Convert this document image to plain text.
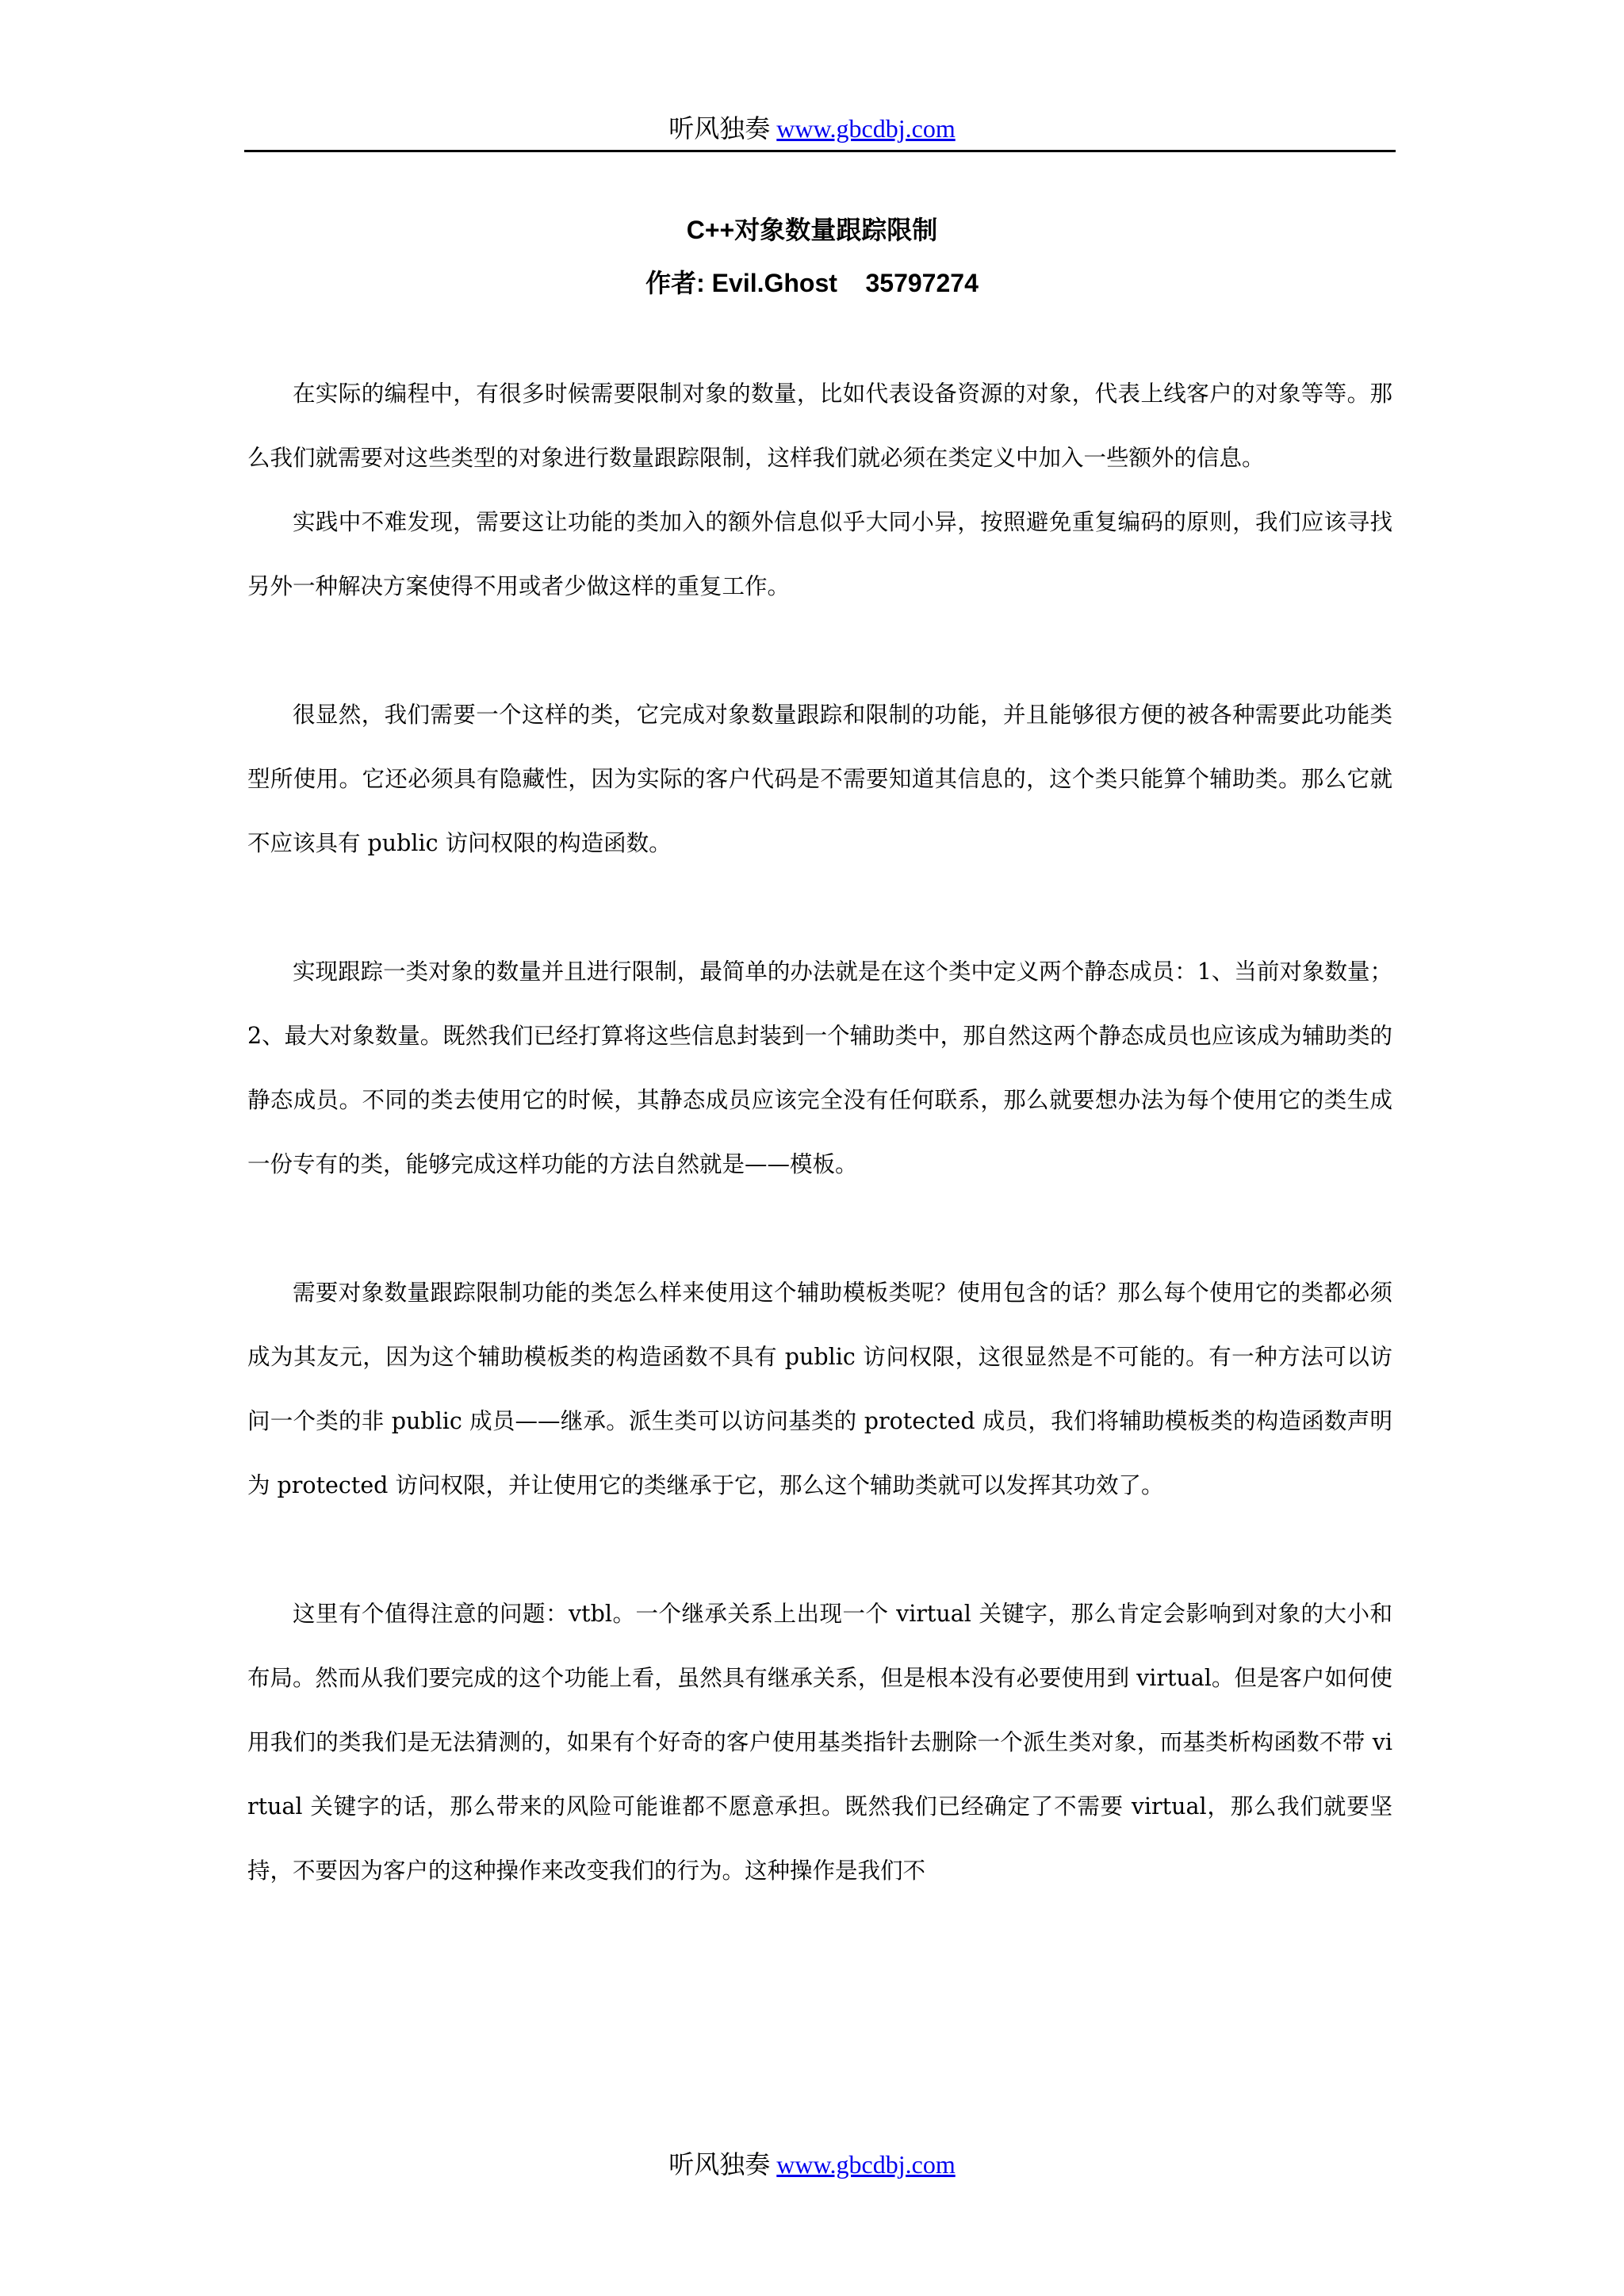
听风独奏 www.gbcdbj.com
C++对象数量跟踪限制
作者: Evil.Ghost    35797274

在实际的编程中，有很多时候需要限制对象的数量，比如代表设备资源的对象，代表上线客户的对象等等。那么我们就需要对这些类型的对象进行数量跟踪限制，这样我们就必须在类定义中加入一些额外的信息。

实践中不难发现，需要这让功能的类加入的额外信息似乎大同小异，按照避免重复编码的原则，我们应该寻找另外一种解决方案使得不用或者少做这样的重复工作。

很显然，我们需要一个这样的类，它完成对象数量跟踪和限制的功能，并且能够很方便的被各种需要此功能类型所使用。它还必须具有隐藏性，因为实际的客户代码是不需要知道其信息的，这个类只能算个辅助类。那么它就不应该具有 public 访问权限的构造函数。

实现跟踪一类对象的数量并且进行限制，最简单的办法就是在这个类中定义两个静态成员：1、当前对象数量；2、最大对象数量。既然我们已经打算将这些信息封装到一个辅助类中，那自然这两个静态成员也应该成为辅助类的静态成员。不同的类去使用它的时候，其静态成员应该完全没有任何联系，那么就要想办法为每个使用它的类生成一份专有的类，能够完成这样功能的方法自然就是——模板。

需要对象数量跟踪限制功能的类怎么样来使用这个辅助模板类呢？使用包含的话？那么每个使用它的类都必须成为其友元，因为这个辅助模板类的构造函数不具有 public 访问权限，这很显然是不可能的。有一种方法可以访问一个类的非 public 成员——继承。派生类可以访问基类的 protected 成员，我们将辅助模板类的构造函数声明为 protected 访问权限，并让使用它的类继承于它，那么这个辅助类就可以发挥其功效了。

这里有个值得注意的问题：vtbl。一个继承关系上出现一个 virtual 关键字，那么肯定会影响到对象的大小和布局。然而从我们要完成的这个功能上看，虽然具有继承关系，但是根本没有必要使用到 virtual。但是客户如何使用我们的类我们是无法猜测的，如果有个好奇的客户使用基类指针去删除一个派生类对象，而基类析构函数不带 virtual 关键字的话，那么带来的风险可能谁都不愿意承担。既然我们已经确定了不需要 virtual，那么我们就要坚持，不要因为客户的这种操作来改变我们的行为。这种操作是我们不

听风独奏 www.gbcdbj.com
